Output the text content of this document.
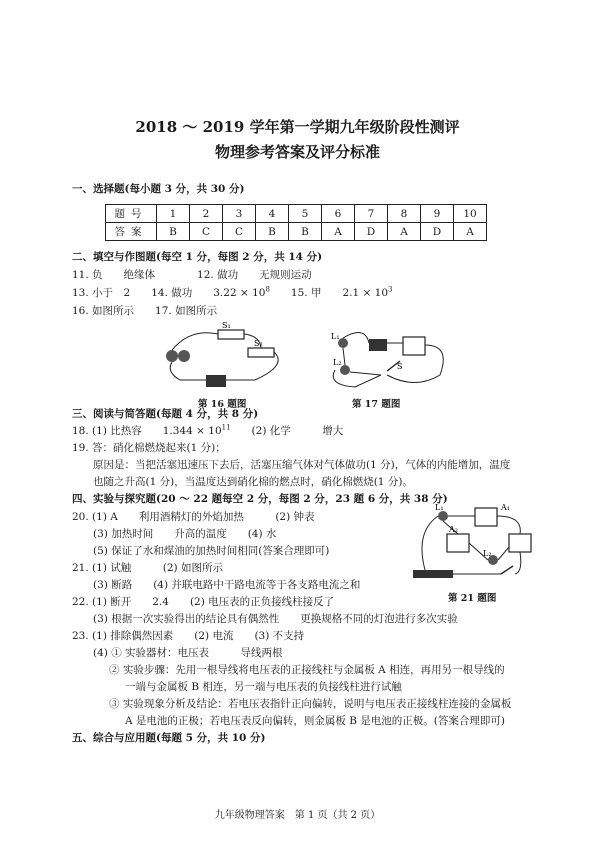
2018 ～ 2019 学年第一学期九年级阶段性测评
物理参考答案及评分标准
一、选择题(每小题 3 分，共 30 分)
题号	1	2	3	4	5	6	7	8	9	10
答案	B	C	C	B	B	A	D	A	D	A
二、填空与作图题(每空 1 分，每图 2 分，共 14 分)
11. 负　　绝缘体　　　　12. 做功　　无规则运动
13. 小于　2　　14. 做功　　$3.22 \times 10^8$　　15. 甲　　$2.1 \times 10^3$
16. 如图所示　　17. 如图所示
S₁
S₂
第 16 题图
L₁
L₂	S
第 17 题图
三、阅读与简答题(每题 4 分，共 8 分)
18. (1) 比热容　　$1.344 \times 10^{11}$　　(2) 化学　　　增大
19. 答：硝化棉燃烧起来(1 分)；
原因是：当把活塞迅速压下去后，活塞压缩气体对气体做功(1 分)，气体的内能增加，温度
也随之升高(1 分)，当温度达到硝化棉的燃点时，硝化棉燃烧(1 分)。
四、实验与探究题(20 ～ 22 题每空 2 分，每图 2 分，23 题 6 分，共 38 分)
20. (1) A　　利用酒精灯的外焰加热　　　(2) 钟表
(3) 加热时间　　升高的温度　　(4) 水
(5) 保证了水和煤油的加热时间相同(答案合理即可)
21. (1) 试触　　　(2) 如图所示
(3) 断路　　(4) 并联电路中干路电流等于各支路电流之和
L₁	A₁
A₂
L₂
第 21 题图
22. (1) 断开　　2.4　　(2) 电压表的正负接线柱接反了
(3) 根据一次实验得出的结论具有偶然性　　更换规格不同的灯泡进行多次实验
23. (1) 排除偶然因素　　(2) 电流　　(3) 不支持
(4) ① 实验器材：电压表　　　导线两根
② 实验步骤：先用一根导线将电压表的正接线柱与金属板 A 相连，再用另一根导线的
一端与金属板 B 相连，另一端与电压表的负接线柱进行试触
③ 实验现象分析及结论：若电压表指针正向偏转，说明与电压表正接线柱连接的金属板
A 是电池的正极；若电压表反向偏转，则金属板 B 是电池的正极。(答案合理即可)
五、综合与应用题(每题 5 分，共 10 分)
九年级物理答案　第 1 页（共 2 页）
